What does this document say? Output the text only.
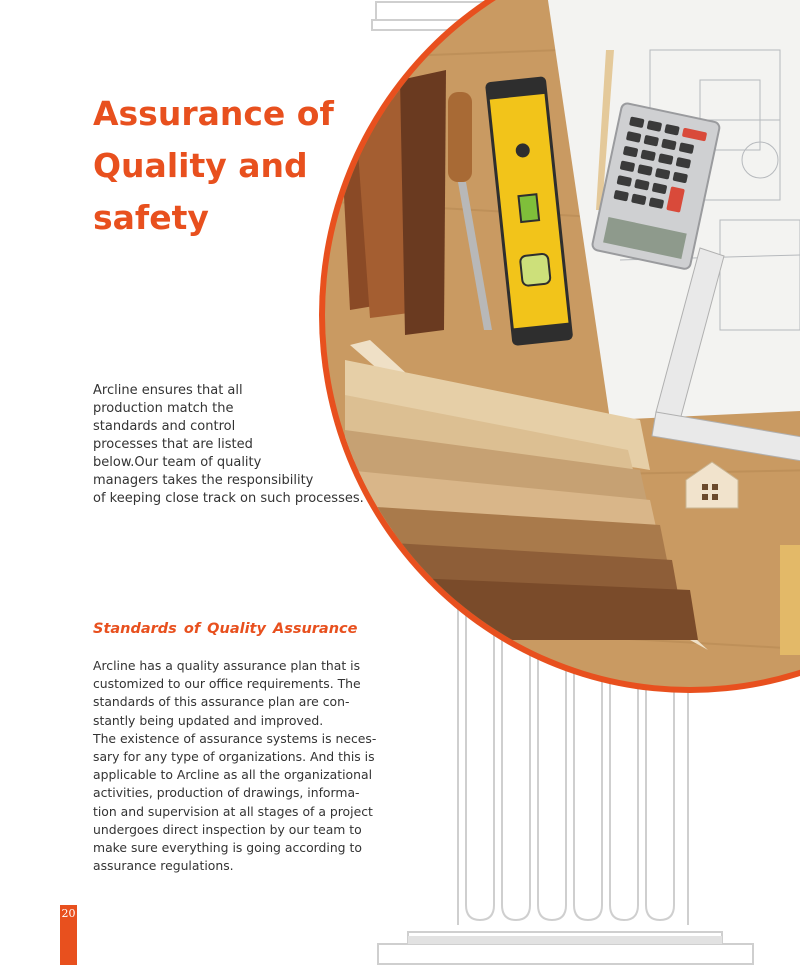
Assurance of
Quality and
safety

Arcline ensures that all
production match the
standards and control
processes that are listed
below.Our team of quality
managers takes the responsibility
of keeping close track on such processes.

Standards of Quality Assurance

Arcline has a quality assurance plan that is
customized to our office requirements. The
standards of this assurance plan are con-
stantly being updated and improved.
The existence of assurance systems is neces-
sary for any type of organizations. And this is
applicable to Arcline as all the organizational
activities, production of drawings, informa-
tion and supervision at all stages of a project
undergoes direct inspection by our team to
make sure everything is going according to
assurance regulations.

20
